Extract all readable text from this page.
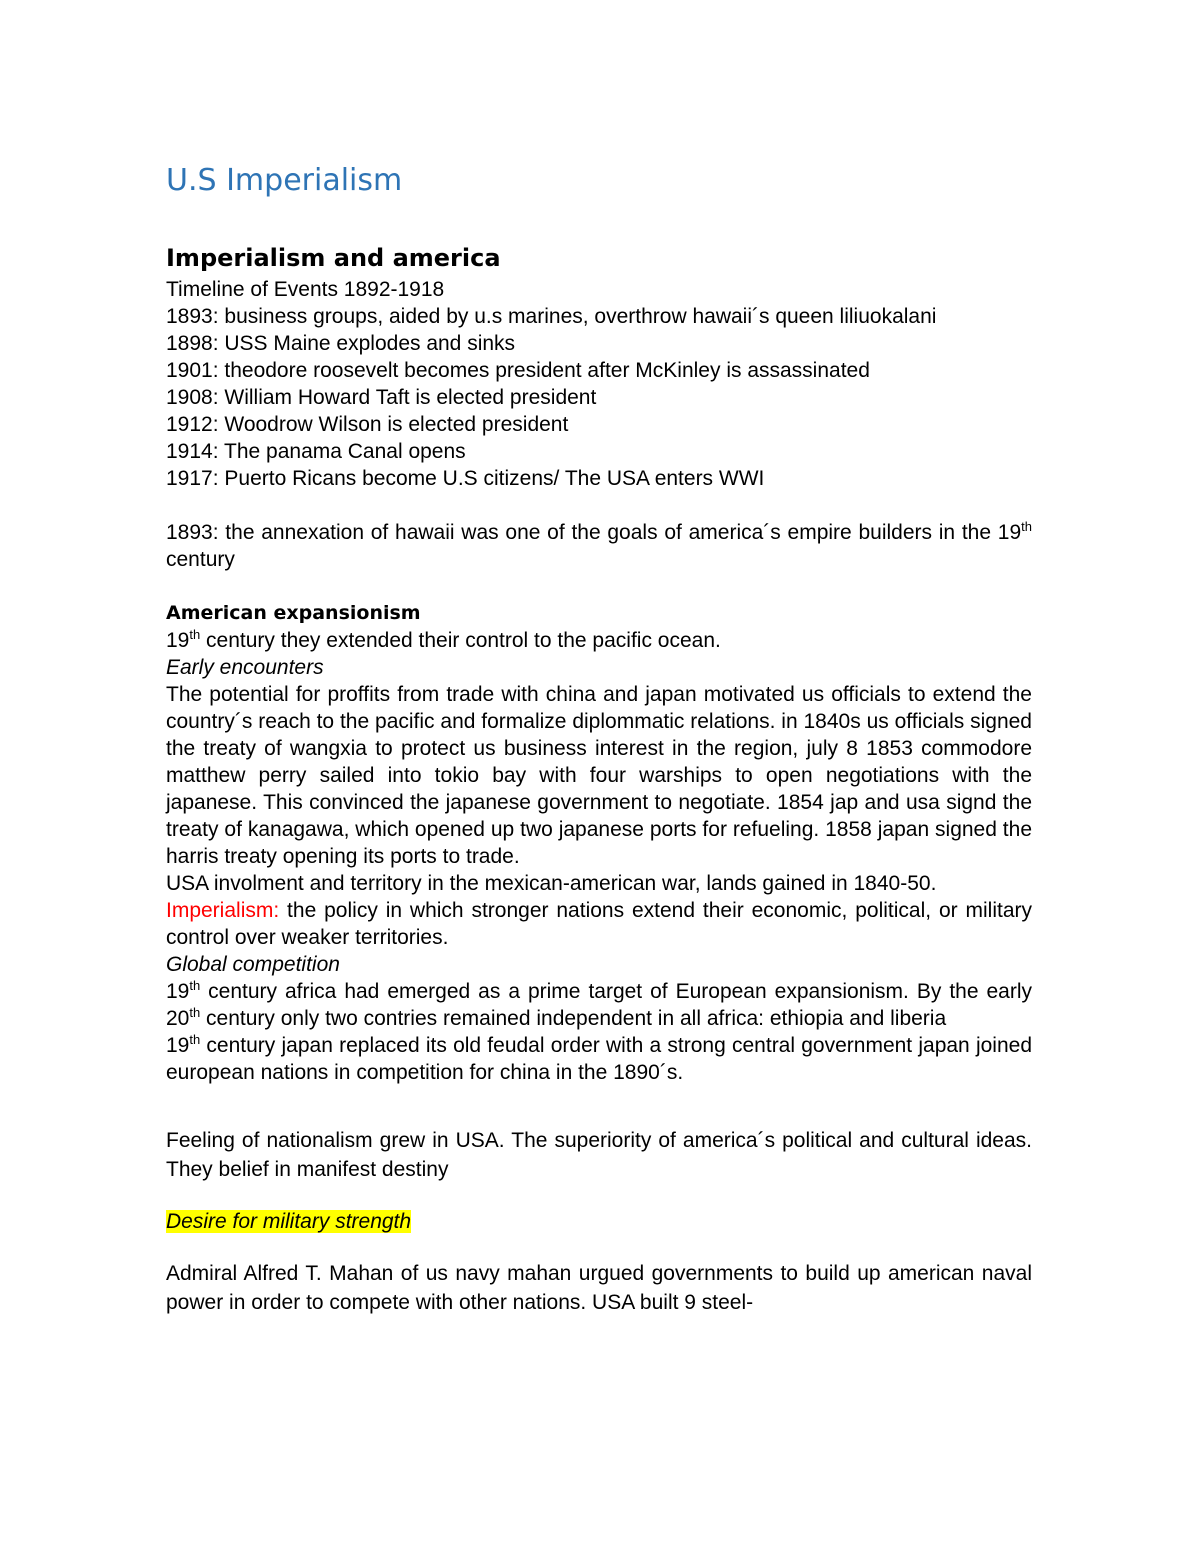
U.S Imperialism
Imperialism and america
Timeline of Events 1892-1918
1893: business groups, aided by u.s marines, overthrow hawaii´s queen liliuokalani
1898: USS Maine explodes and sinks
1901: theodore roosevelt becomes president after McKinley is assassinated
1908: William Howard Taft is elected president
1912: Woodrow Wilson is elected president
1914: The panama Canal opens
1917: Puerto Ricans become U.S citizens/ The USA enters WWI

1893: the annexation of hawaii was one of the goals of america´s empire builders in the 19th century

American expansionism

19th century they extended their control to the pacific ocean.

Early encounters

The potential for proffits from trade with china and japan motivated us officials to extend the country´s reach to the pacific and formalize diplommatic relations. in 1840s us officials signed the treaty of wangxia to protect us business interest in the region, july 8 1853 commodore matthew perry sailed into tokio bay with four warships to open negotiations with the japanese. This convinced the japanese government to negotiate. 1854 jap and usa signd the treaty of kanagawa, which opened up two japanese ports for refueling. 1858 japan signed the harris treaty opening its ports to trade.

USA involment and territory in the mexican-american war, lands gained in 1840-50.

Imperialism: the policy in which stronger nations extend their economic, political, or military control over weaker territories.

Global competition

19th century africa had emerged as a prime target of European expansionism. By the early 20th century only two contries remained independent in all africa: ethiopia and liberia

19th century japan replaced its old feudal order with a strong central government japan joined european nations in competition for china in the 1890´s.

Feeling of nationalism grew in USA. The superiority of america´s political and cultural ideas. They belief in manifest destiny

Desire for military strength

Admiral Alfred T. Mahan of us navy mahan urgued governments to build up american naval power in order to compete with other nations. USA built 9 steel-
